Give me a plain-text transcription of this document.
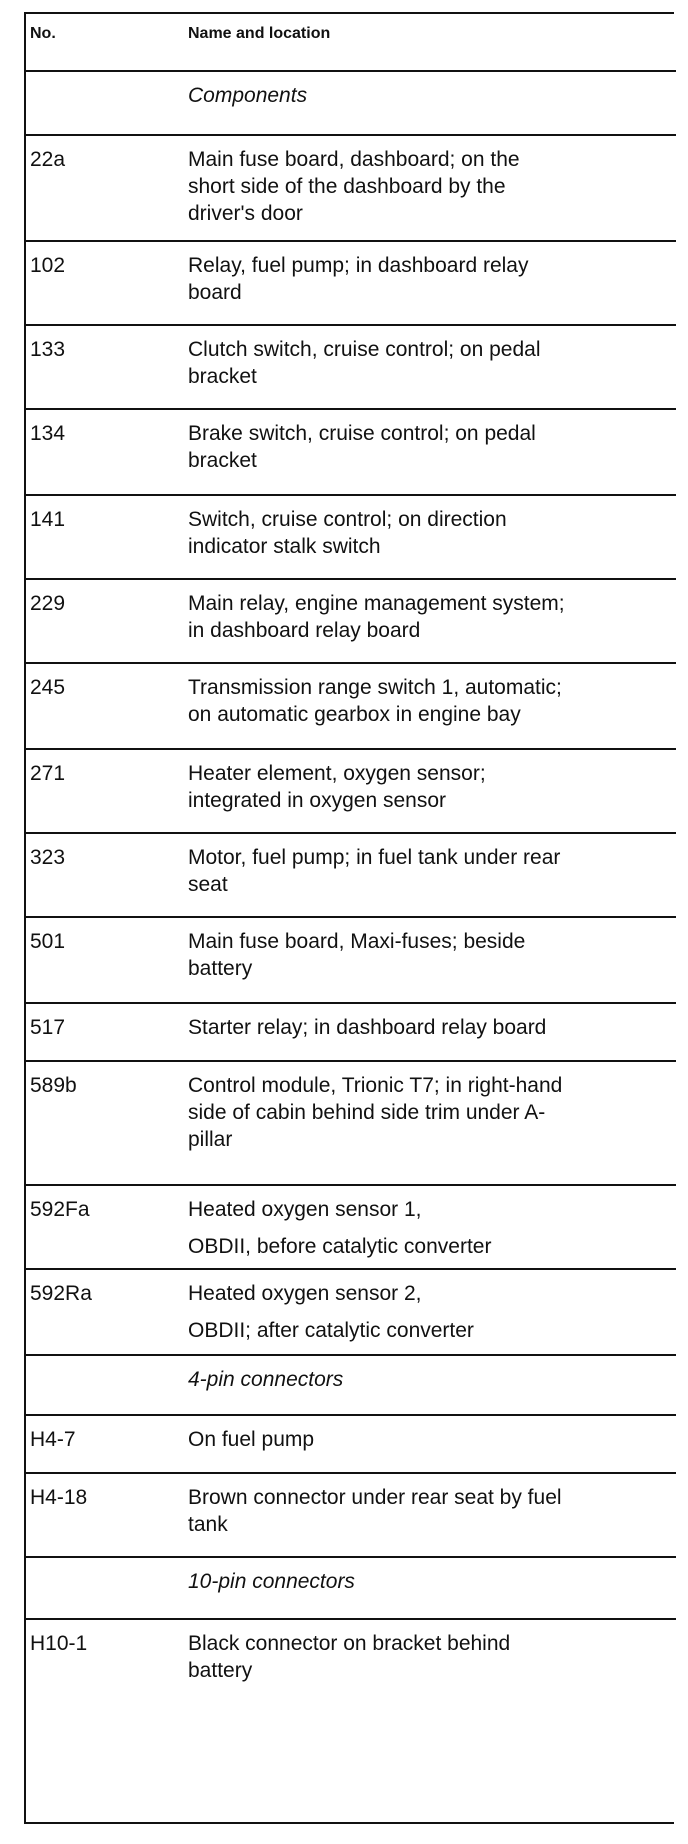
No.	Name and location
Components
22a	Main fuse board, dashboard; on the
short side of the dashboard by the
driver's door
102	Relay, fuel pump; in dashboard relay
board
133	Clutch switch, cruise control; on pedal
bracket
134	Brake switch, cruise control; on pedal
bracket
141	Switch, cruise control; on direction
indicator stalk switch
229	Main relay, engine management system;
in dashboard relay board
245	Transmission range switch 1, automatic;
on automatic gearbox in engine bay
271	Heater element, oxygen sensor;
integrated in oxygen sensor
323	Motor, fuel pump; in fuel tank under rear
seat
501	Main fuse board, Maxi-fuses; beside
battery
517	Starter relay; in dashboard relay board
589b	Control module, Trionic T7; in right-hand
side of cabin behind side trim under A-
pillar
592Fa	Heated oxygen sensor 1,
OBDII, before catalytic converter
592Ra	Heated oxygen sensor 2,
OBDII; after catalytic converter
4-pin connectors
H4-7	On fuel pump
H4-18	Brown connector under rear seat by fuel
tank
10-pin connectors
H10-1	Black connector on bracket behind
battery
